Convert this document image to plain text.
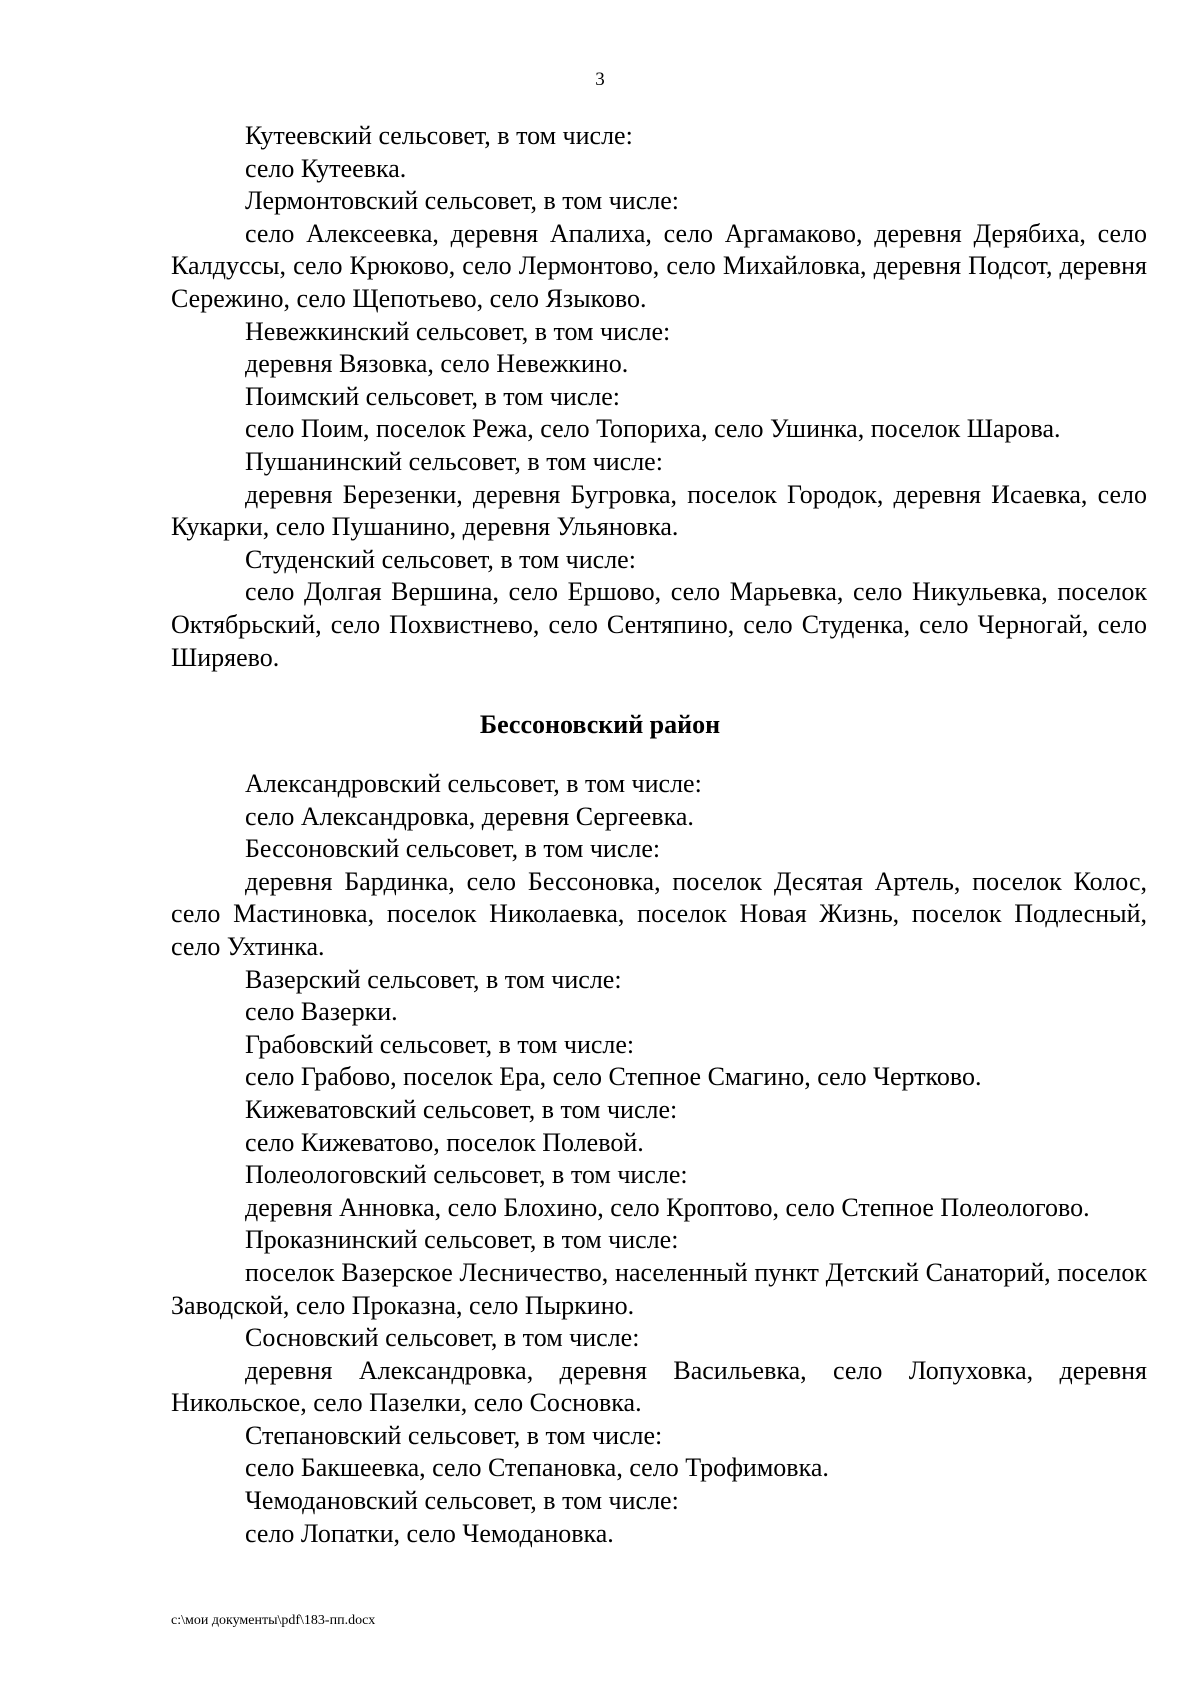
3

Кутеевский сельсовет, в том числе:

село Кутеевка.

Лермонтовский сельсовет, в том числе:

село Алексеевка, деревня Апалиха, село Аргамаково, деревня Дерябиха, село Калдуссы, село Крюково, село Лермонтово, село Михайловка, деревня Подсот, деревня Сережино, село Щепотьево, село Языково.

Невежкинский сельсовет, в том числе:

деревня Вязовка, село Невежкино.

Поимский сельсовет, в том числе:

село Поим, поселок Режа, село Топориха, село Ушинка, поселок Шарова.

Пушанинский сельсовет, в том числе:

деревня Березенки, деревня Бугровка, поселок Городок, деревня Исаевка, село Кукарки, село Пушанино, деревня Ульяновка.

Студенский сельсовет, в том числе:

село Долгая Вершина, село Ершово, село Марьевка, село Никульевка, поселок Октябрьский, село Похвистнево, село Сентяпино, село Студенка, село Черногай, село Ширяево.

Бессоновский район

Александровский сельсовет, в том числе:

село Александровка, деревня Сергеевка.

Бессоновский сельсовет, в том числе:

деревня Бардинка, село Бессоновка, поселок Десятая Артель, поселок Колос, село Мастиновка, поселок Николаевка, поселок Новая Жизнь, поселок Подлесный, село Ухтинка.

Вазерский сельсовет, в том числе:

село Вазерки.

Грабовский сельсовет, в том числе:

село Грабово, поселок Ера, село Степное Смагино, село Чертково.

Кижеватовский сельсовет, в том числе:

село Кижеватово, поселок Полевой.

Полеологовский сельсовет, в том числе:

деревня Анновка, село Блохино, село Кроптово, село Степное Полеологово.

Проказнинский сельсовет, в том числе:

поселок Вазерское Лесничество, населенный пункт Детский Санаторий, поселок Заводской, село Проказна, село Пыркино.

Сосновский сельсовет, в том числе:

деревня Александровка, деревня Васильевка, село Лопуховка, деревня Никольское, село Пазелки, село Сосновка.

Степановский сельсовет, в том числе:

село Бакшеевка, село Степановка, село Трофимовка.

Чемодановский сельсовет, в том числе:

село Лопатки, село Чемодановка.

c:\мои документы\pdf\183-пп.docx
